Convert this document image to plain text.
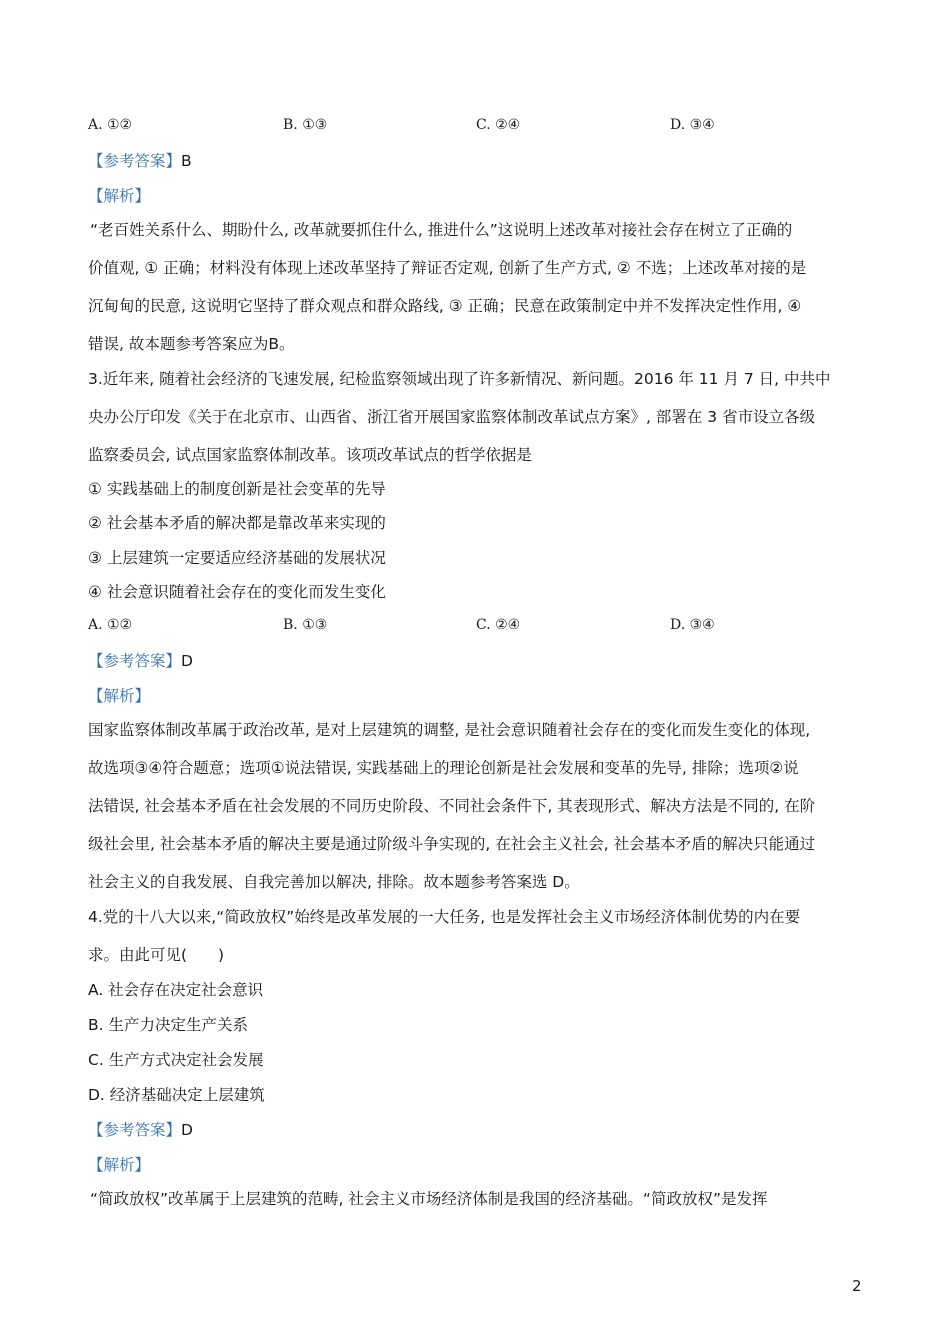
A. ①②	B. ①③	C. ②④	D. ③④
【参考答案】B
【解析】
“老百姓关系什么、期盼什么, 改革就要抓住什么, 推进什么”这说明上述改革对接社会存在树立了正确的
价值观, ① 正确；材料没有体现上述改革坚持了辩证否定观, 创新了生产方式, ② 不选；上述改革对接的是
沉甸甸的民意, 这说明它坚持了群众观点和群众路线, ③ 正确；民意在政策制定中并不发挥决定性作用, ④
错误, 故本题参考答案应为B。
3.近年来, 随着社会经济的飞速发展, 纪检监察领域出现了许多新情况、新问题。2016 年 11 月 7 日, 中共中
央办公厅印发《关于在北京市、山西省、浙江省开展国家监察体制改革试点方案》, 部署在 3 省市设立各级
监察委员会, 试点国家监察体制改革。该项改革试点的哲学依据是
① 实践基础上的制度创新是社会变革的先导
② 社会基本矛盾的解决都是靠改革来实现的
③ 上层建筑一定要适应经济基础的发展状况
④ 社会意识随着社会存在的变化而发生变化
A. ①②	B. ①③	C. ②④	D. ③④
【参考答案】D
【解析】
国家监察体制改革属于政治改革, 是对上层建筑的调整, 是社会意识随着社会存在的变化而发生变化的体现,
故选项③④符合题意；选项①说法错误, 实践基础上的理论创新是社会发展和变革的先导, 排除；选项②说
法错误, 社会基本矛盾在社会发展的不同历史阶段、不同社会条件下, 其表现形式、解决方法是不同的, 在阶
级社会里, 社会基本矛盾的解决主要是通过阶级斗争实现的, 在社会主义社会, 社会基本矛盾的解决只能通过
社会主义的自我发展、自我完善加以解决, 排除。故本题参考答案选 D。
4.党的十八大以来,“简政放权”始终是改革发展的一大任务, 也是发挥社会主义市场经济体制优势的内在要
求。由此可见(　　)
A. 社会存在决定社会意识
B. 生产力决定生产关系
C. 生产方式决定社会发展
D. 经济基础决定上层建筑
【参考答案】D
【解析】
“简政放权”改革属于上层建筑的范畴, 社会主义市场经济体制是我国的经济基础。“简政放权”是发挥
2
